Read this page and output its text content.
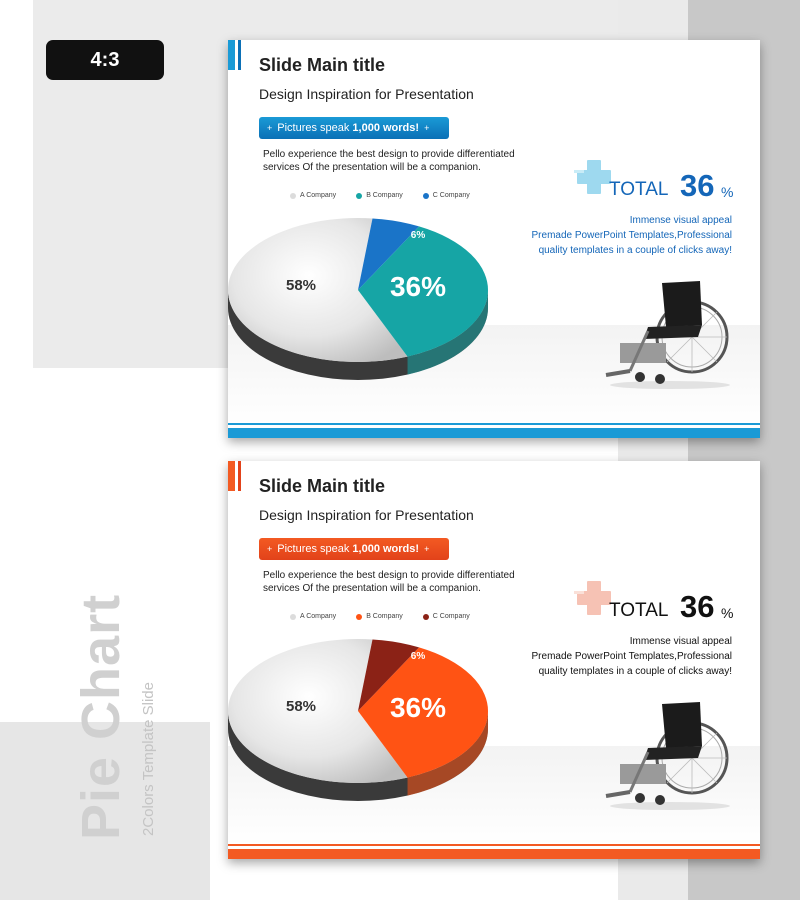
4:3
Pie Chart 2Colors Template Slide
Slide Main title
Design Inspiration for Presentation
+ Pictures speak 1,000 words! +
Pello experience the best design to provide differentiated services Of the presentation will be a companion.
A Company	B Company	C Company
58%	36%
6%
TOTAL 36 %
Immense visual appeal
Premade PowerPoint Templates,Professional
quality templates in a couple of clicks away!
Slide Main title
Design Inspiration for Presentation
+ Pictures speak 1,000 words! +
Pello experience the best design to provide differentiated services Of the presentation will be a companion.
A Company	B Company	C Company
58%	36%
6%
TOTAL 36 %
Immense visual appeal
Premade PowerPoint Templates,Professional
quality templates in a couple of clicks away!
